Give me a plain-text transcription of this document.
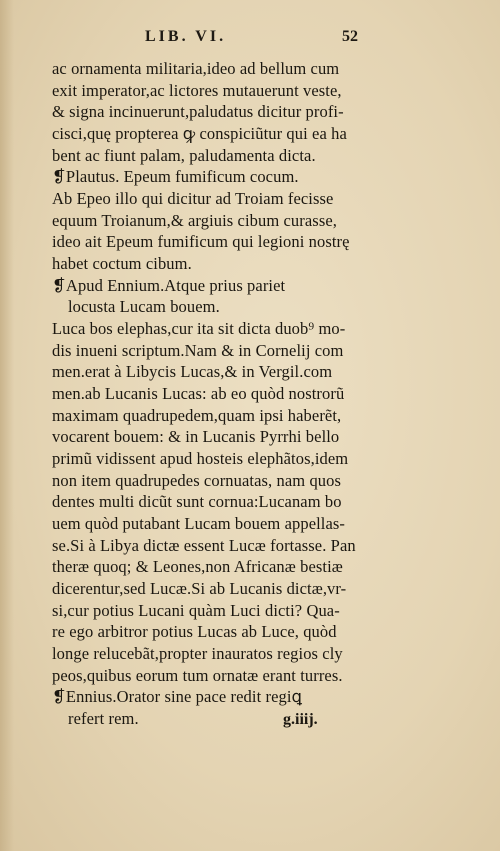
LIB. VI.	52
ac ornamenta militaria,ideo ad bellum cum
exit imperator,ac lictores mutauerunt veste,
& signa incinuerunt,paludatus dicitur profi-
cisci,quę propterea ꝙ conspiciũtur qui ea ha
bent ac fiunt palam, paludamenta dicta.
❡Plautus. Epeum fumificum cocum.
Ab Epeo illo qui dicitur ad Troiam fecisse
equum Troianum,& argiuis cibum curasse,
ideo ait Epeum fumificum qui legioni nostrę
habet coctum cibum.
❡Apud Ennium.Atque prius pariet
locusta Lucam bouem.
Luca bos elephas,cur ita sit dicta duob⁹ mo-
dis inueni scriptum.Nam & in Cornelij com
men.erat à Libycis Lucas,& in Vergil.com
men.ab Lucanis Lucas: ab eo quòd nostrorũ
maximam quadrupedem,quam ipsi haberẽt,
vocarent bouem: & in Lucanis Pyrrhi bello
primũ vidissent apud hosteis elephãtos,idem
non item quadrupedes cornuatas, nam quos
dentes multi dicũt sunt cornua:Lucanam bo
uem quòd putabant Lucam bouem appellas-
se.Si à Libya dictæ essent Lucæ fortasse. Pan
theræ quoq; & Leones,non Africanæ bestiæ
dicerentur,sed Lucæ.Si ab Lucanis dictæ,vr-
si,cur potius Lucani quàm Luci dicti? Qua-
re ego arbitror potius Lucas ab Luce, quòd
longe relucebãt,propter inauratos regios cly
peos,quibus eorum tum ornatæ erant turres.
❡Ennius.Orator sine pace redit regiꝗ
refert rem.	g.iiij.
